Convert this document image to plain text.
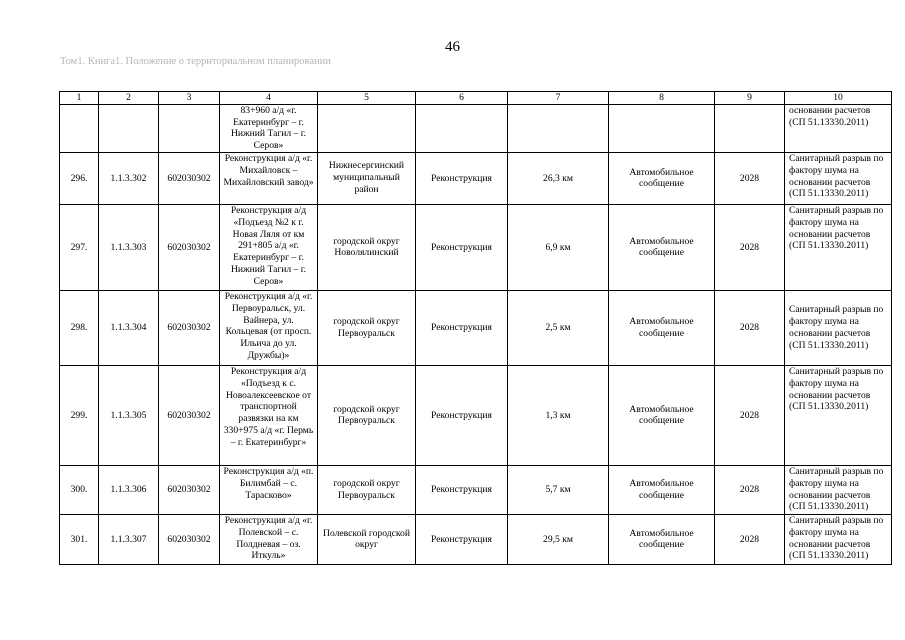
46
Том1. Книга1. Положение о территориальном планировании
1	2	3	4	5	6	7	8	9	10
			83+960 а/д «г. Екатеринбург – г. Нижний Тагил – г. Серов»						основании расчетов (СП 51.13330.2011)
296.	1.1.3.302	602030302	Реконструкция а/д «г. Михайловск – Михайловский завод»	Нижнесергинский муниципальный район	Реконструкция	26,3 км	Автомобильное сообщение	2028	Санитарный разрыв по фактору шума на основании расчетов (СП 51.13330.2011)
297.	1.1.3.303	602030302	Реконструкция а/д «Подъезд №2 к г. Новая Ляля от км 291+805 а/д «г. Екатеринбург – г. Нижний Тагил – г. Серов»	городской округ Новолялинский	Реконструкция	6,9 км	Автомобильное сообщение	2028	Санитарный разрыв по фактору шума на основании расчетов (СП 51.13330.2011)
298.	1.1.3.304	602030302	Реконструкция а/д «г. Первоуральск, ул. Вайнера, ул. Кольцевая (от просп. Ильича до ул. Дружбы)»	городской округ Первоуральск	Реконструкция	2,5 км	Автомобильное сообщение	2028	Санитарный разрыв по фактору шума на основании расчетов (СП 51.13330.2011)
299.	1.1.3.305	602030302	Реконструкция а/д «Подъезд к с. Новоалексеевское от транспортной развязки на км 330+975 а/д «г. Пермь – г. Екатеринбург»	городской округ Первоуральск	Реконструкция	1,3 км	Автомобильное сообщение	2028	Санитарный разрыв по фактору шума на основании расчетов (СП 51.13330.2011)
300.	1.1.3.306	602030302	Реконструкция а/д «п. Билимбай – с. Тарасково»	городской округ Первоуральск	Реконструкция	5,7 км	Автомобильное сообщение	2028	Санитарный разрыв по фактору шума на основании расчетов (СП 51.13330.2011)
301.	1.1.3.307	602030302	Реконструкция а/д «г. Полевской – с. Полдневая – оз. Иткуль»	Полевской городской округ	Реконструкция	29,5 км	Автомобильное сообщение	2028	Санитарный разрыв по фактору шума на основании расчетов (СП 51.13330.2011)
